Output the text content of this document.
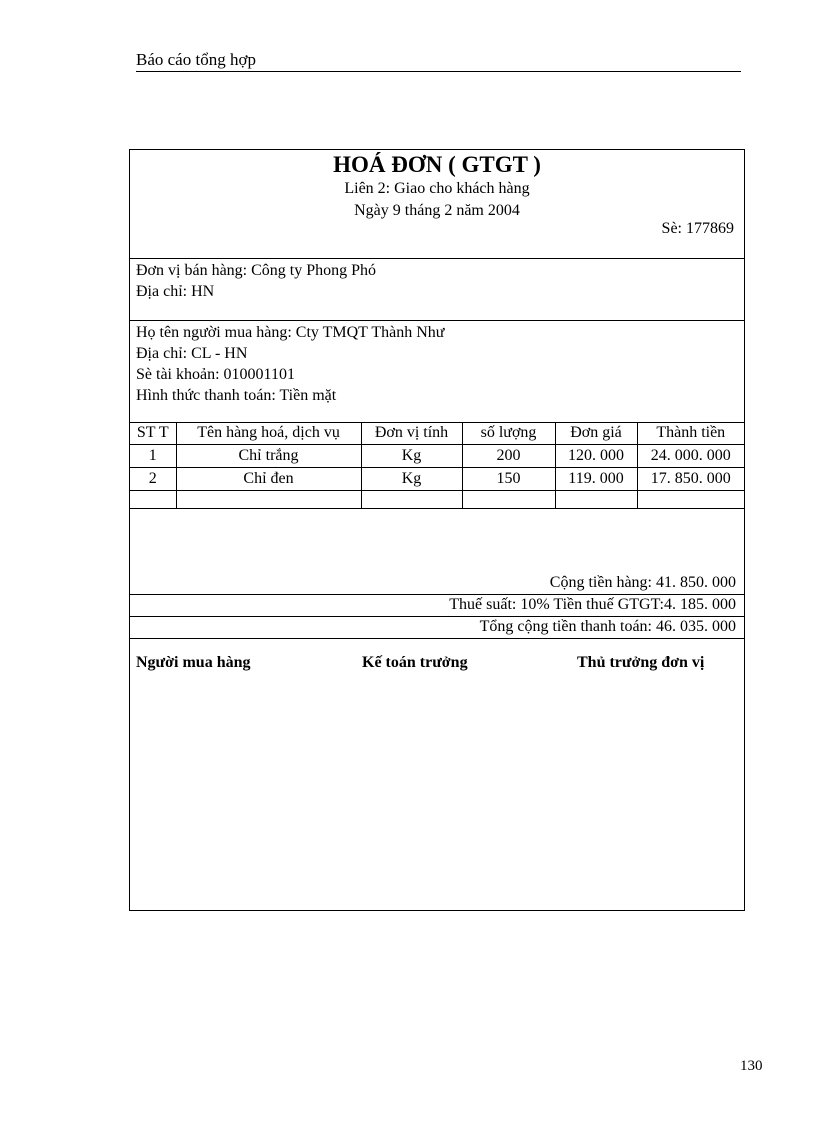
Báo cáo tổng hợp
HOÁ ĐƠN ( GTGT )
Liên 2: Giao cho khách hàng
Ngày 9 tháng 2 năm 2004
Sè: 177869
Đơn vị bán hàng: Công ty Phong Phó
Địa chỉ: HN
Họ tên người mua hàng: Cty TMQT Thành Như
Địa chỉ: CL - HN
Sè tài khoản: 010001101
Hình thức thanh toán: Tiền mặt
ST T	Tên hàng hoá, dịch vụ	Đơn vị tính	số lượng	Đơn giá	Thành tiền
1	Chỉ trắng	Kg	200	120. 000	24. 000. 000
2	Chỉ đen	Kg	150	119. 000	17. 850. 000

Cộng tiền hàng: 41. 850. 000
Thuế suất: 10% Tiền thuế GTGT:4. 185. 000
Tổng cộng tiền thanh toán: 46. 035. 000
Người mua hàng	Kế toán trưởng	Thủ trưởng đơn vị
130
